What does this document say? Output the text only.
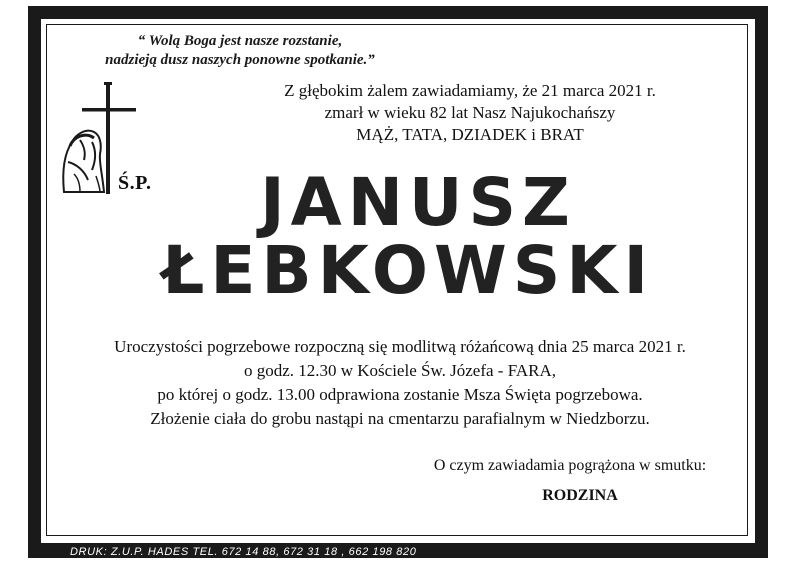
“ Wolą Boga jest nasze rozstanie,
nadzieją dusz naszych ponowne spotkanie.”
Z głębokim żalem zawiadamiamy, że 21 marca 2021 r.
zmarł w wieku 82 lat Nasz Najukochańszy
MĄŻ, TATA, DZIADEK i BRAT
Ś.P.	JANUSZ
ŁEBKOWSKI
Uroczystości pogrzebowe rozpoczną się modlitwą różańcową dnia 25 marca 2021 r.
o godz. 12.30 w Kościele Św. Józefa - FARA,
po której o godz. 13.00 odprawiona zostanie Msza Święta pogrzebowa.
Złożenie ciała do grobu nastąpi na cmentarzu parafialnym w Niedzborzu.
O czym zawiadamia pogrążona w smutku:
RODZINA
DRUK: Z.U.P. HADES TEL. 672 14 88, 672 31 18 , 662 198 820
